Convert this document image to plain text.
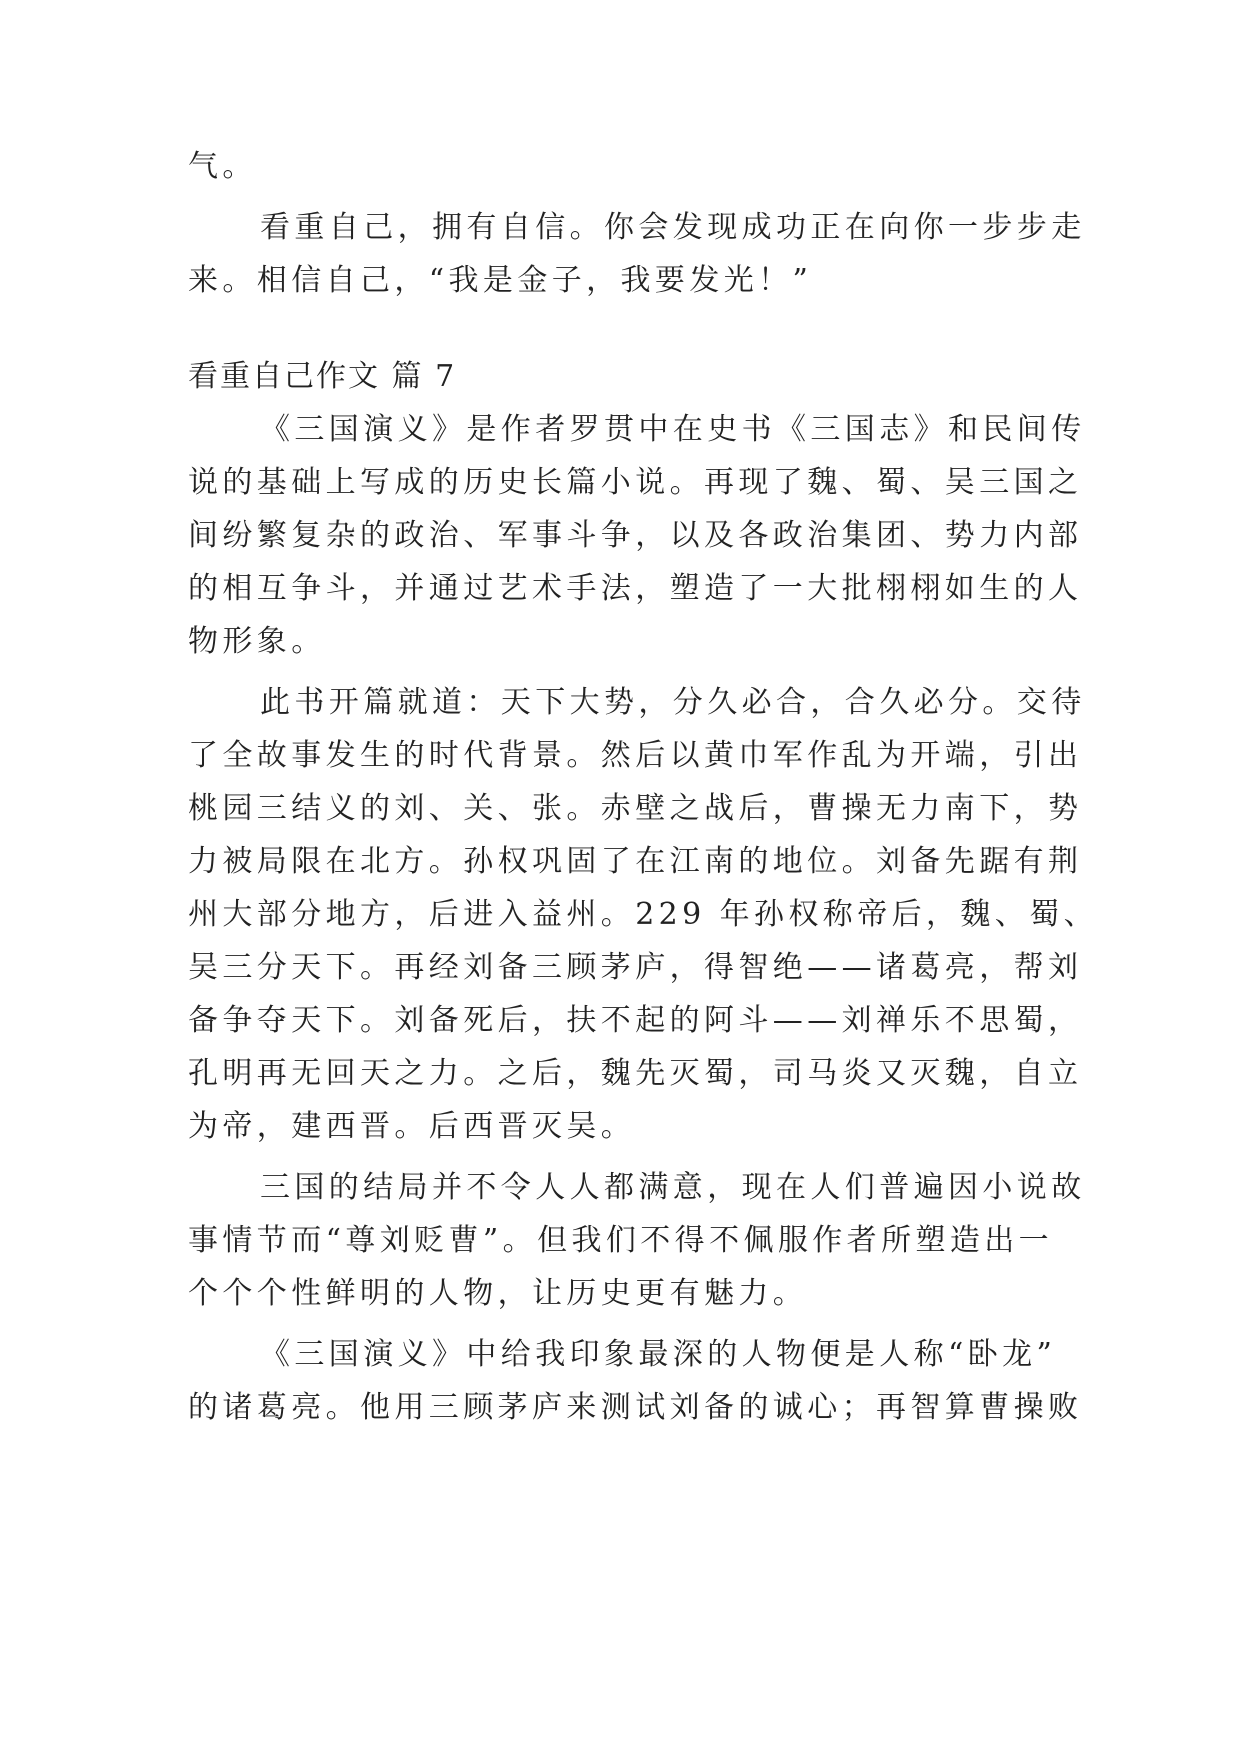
气。
看重自己，拥有自信。你会发现成功正在向你一步步走
来。相信自己，“我是金子，我要发光！”
看重自己作文 篇 7
《三国演义》是作者罗贯中在史书《三国志》和民间传
说的基础上写成的历史长篇小说。再现了魏、蜀、吴三国之
间纷繁复杂的政治、军事斗争，以及各政治集团、势力内部
的相互争斗，并通过艺术手法，塑造了一大批栩栩如生的人
物形象。
此书开篇就道：天下大势，分久必合，合久必分。交待
了全故事发生的时代背景。然后以黄巾军作乱为开端，引出
桃园三结义的刘、关、张。赤壁之战后，曹操无力南下，势
力被局限在北方。孙权巩固了在江南的地位。刘备先踞有荆
州大部分地方，后进入益州。229 年孙权称帝后，魏、蜀、
吴三分天下。再经刘备三顾茅庐，得智绝——诸葛亮，帮刘
备争夺天下。刘备死后，扶不起的阿斗——刘禅乐不思蜀，
孔明再无回天之力。之后，魏先灭蜀，司马炎又灭魏，自立
为帝，建西晋。后西晋灭吴。
三国的结局并不令人人都满意，现在人们普遍因小说故
事情节而“尊刘贬曹”。但我们不得不佩服作者所塑造出一
个个个性鲜明的人物，让历史更有魅力。
《三国演义》中给我印象最深的人物便是人称“卧龙”
的诸葛亮。他用三顾茅庐来测试刘备的诚心；再智算曹操败
